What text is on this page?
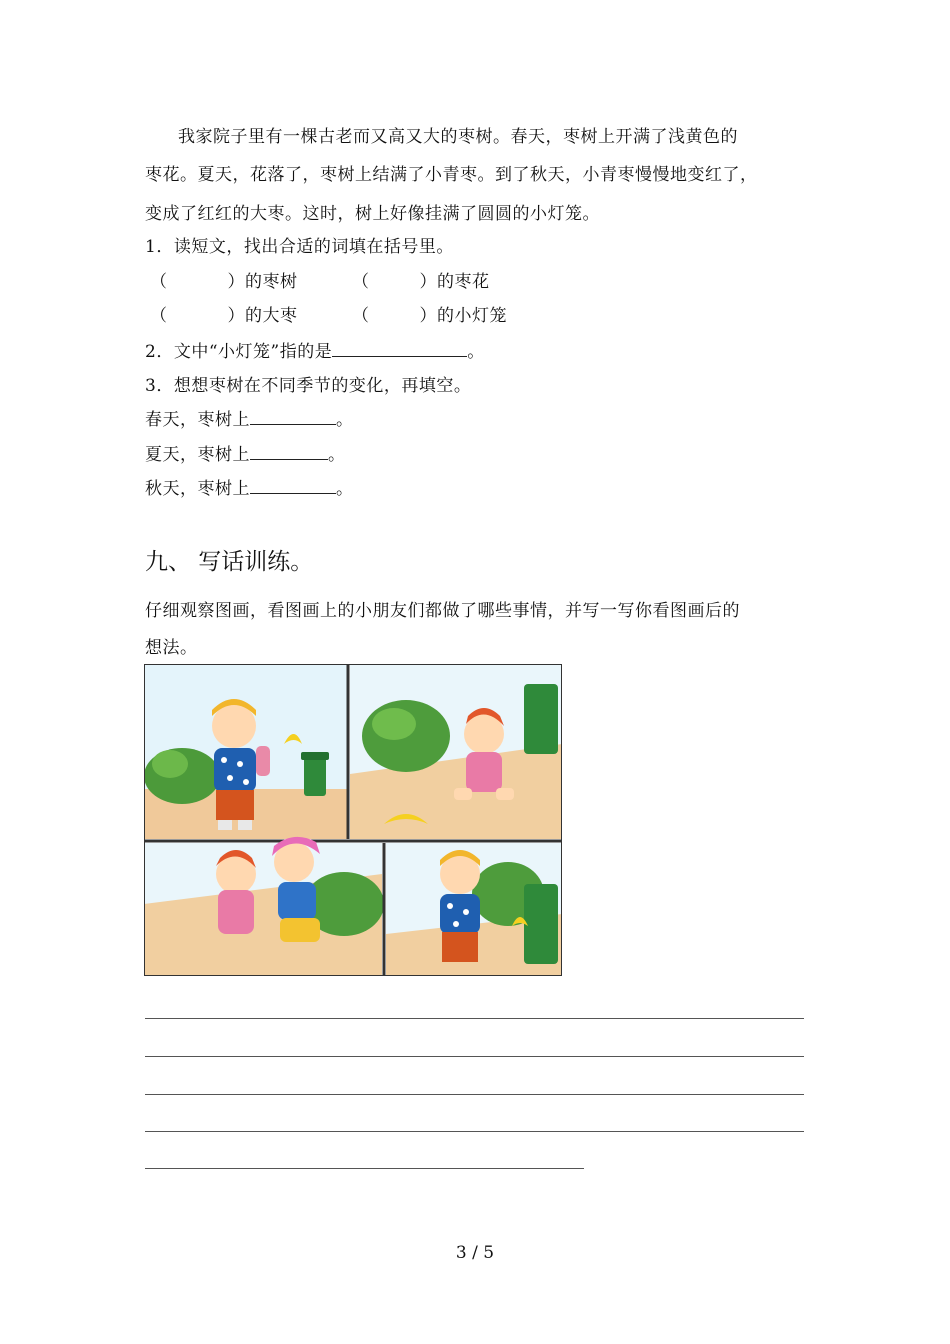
我家院子里有一棵古老而又高又大的枣树。春天，枣树上开满了浅黄色的
枣花。夏天，花落了，枣树上结满了小青枣。到了秋天，小青枣慢慢地变红了，
变成了红红的大枣。这时，树上好像挂满了圆圆的小灯笼。
1．读短文，找出合适的词填在括号里。
（	）的枣树	（	）的枣花
（	）的大枣	（	）的小灯笼
2．文中“小灯笼”指的是	。
3．想想枣树在不同季节的变化，再填空。
春天，枣树上	。
夏天，枣树上	。
秋天，枣树上	。
九、 写话训练。
仔细观察图画，看图画上的小朋友们都做了哪些事情，并写一写你看图画后的
想法。
3 / 5
